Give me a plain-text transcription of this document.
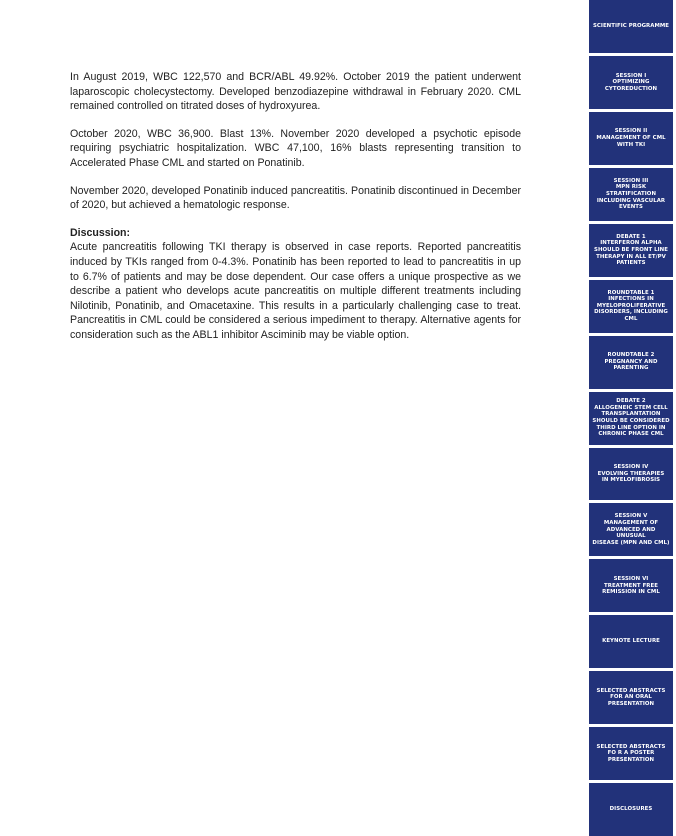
In August 2019, WBC 122,570 and BCR/ABL 49.92%. October 2019 the patient underwent laparoscopic cholecystectomy. Developed benzodiazepine withdrawal in February 2020. CML remained controlled on titrated doses of hydroxyurea.

October 2020, WBC 36,900. Blast 13%. November 2020 developed a psychotic episode requiring psychiatric hospitalization. WBC 47,100, 16% blasts representing transition to Accelerated Phase CML and started on Ponatinib.

November 2020, developed Ponatinib induced pancreatitis. Ponatinib discontinued in December of 2020, but achieved a hematologic response.

Discussion:

Acute pancreatitis following TKI therapy is observed in case reports. Reported pancreatitis induced by TKIs ranged from 0-4.3%. Ponatinib has been reported to lead to pancreatitis in up to 6.7% of patients and may be dose dependent. Our case offers a unique prospective as we describe a patient who develops acute pancreatitis on multiple different treatments including Nilotinib, Ponatinib, and Omacetaxine. This results in a particularly challenging case to treat. Pancreatitis in CML could be considered a serious impediment to therapy. Alternative agents for consideration such as the ABL1 inhibitor Asciminib may be viable option.

SCIENTIFIC PROGRAMME
SESSION I
OPTIMIZING
CYTOREDUCTION
SESSION II
MANAGEMENT OF CML
WITH TKI
SESSION III
MPN RISK
STRATIFICATION
INCLUDING VASCULAR
EVENTS
DEBATE 1
INTERFERON ALPHA
SHOULD BE FRONT LINE
THERAPY IN ALL ET/PV
PATIENTS
ROUNDTABLE 1
INFECTIONS IN
MYELOPROLIFERATIVE
DISORDERS, INCLUDING
CML
ROUNDTABLE 2
PREGNANCY AND
PARENTING
DEBATE 2
ALLOGENEIC STEM CELL
TRANSPLANTATION
SHOULD BE CONSIDERED
THIRD LINE OPTION IN
CHRONIC PHASE CML
SESSION IV
EVOLVING THERAPIES
IN MYELOFIBROSIS
SESSION V
MANAGEMENT OF
ADVANCED AND UNUSUAL
DISEASE (MPN AND CML)
SESSION VI
TREATMENT FREE
REMISSION IN CML
KEYNOTE LECTURE
SELECTED ABSTRACTS
FOR AN ORAL
PRESENTATION
SELECTED ABSTRACTS
FO R A POSTER
PRESENTATION
DISCLOSURES
